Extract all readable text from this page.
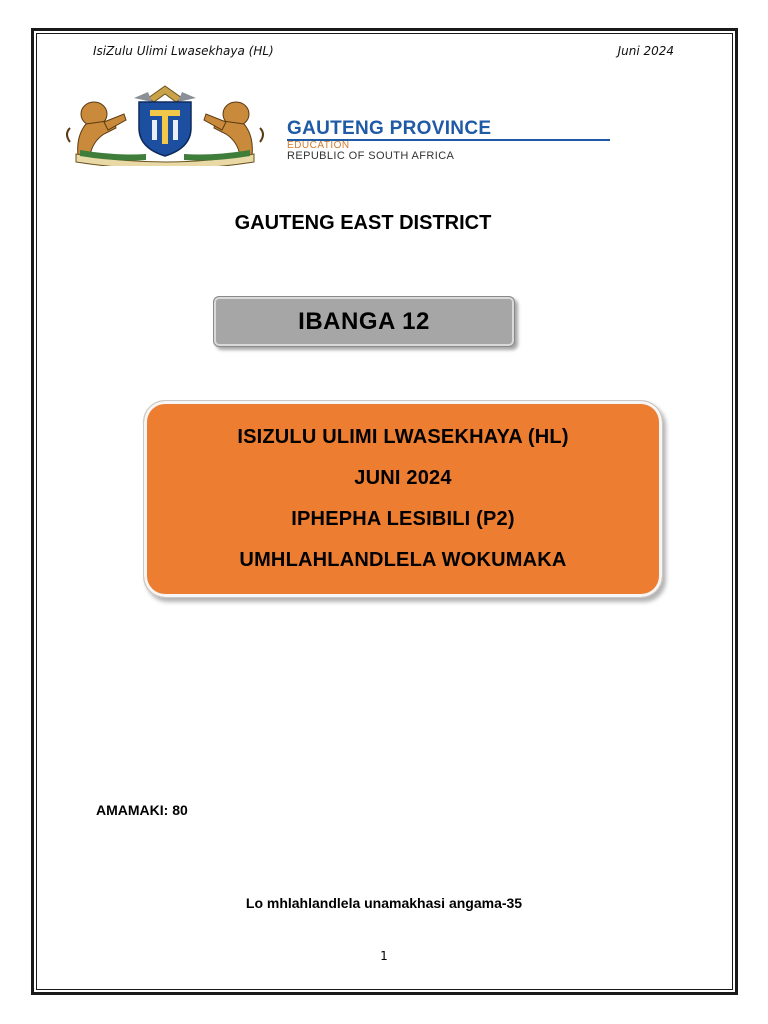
IsiZulu Ulimi Lwasekhaya (HL)	Juni 2024
GAUTENG PROVINCE
EDUCATION
REPUBLIC OF SOUTH AFRICA
GAUTENG EAST DISTRICT
IBANGA 12
ISIZULU ULIMI LWASEKHAYA (HL)
JUNI 2024
IPHEPHA LESIBILI (P2)
UMHLAHLANDLELA WOKUMAKA
AMAMAKI: 80
Lo mhlahlandlela unamakhasi angama-35
1
